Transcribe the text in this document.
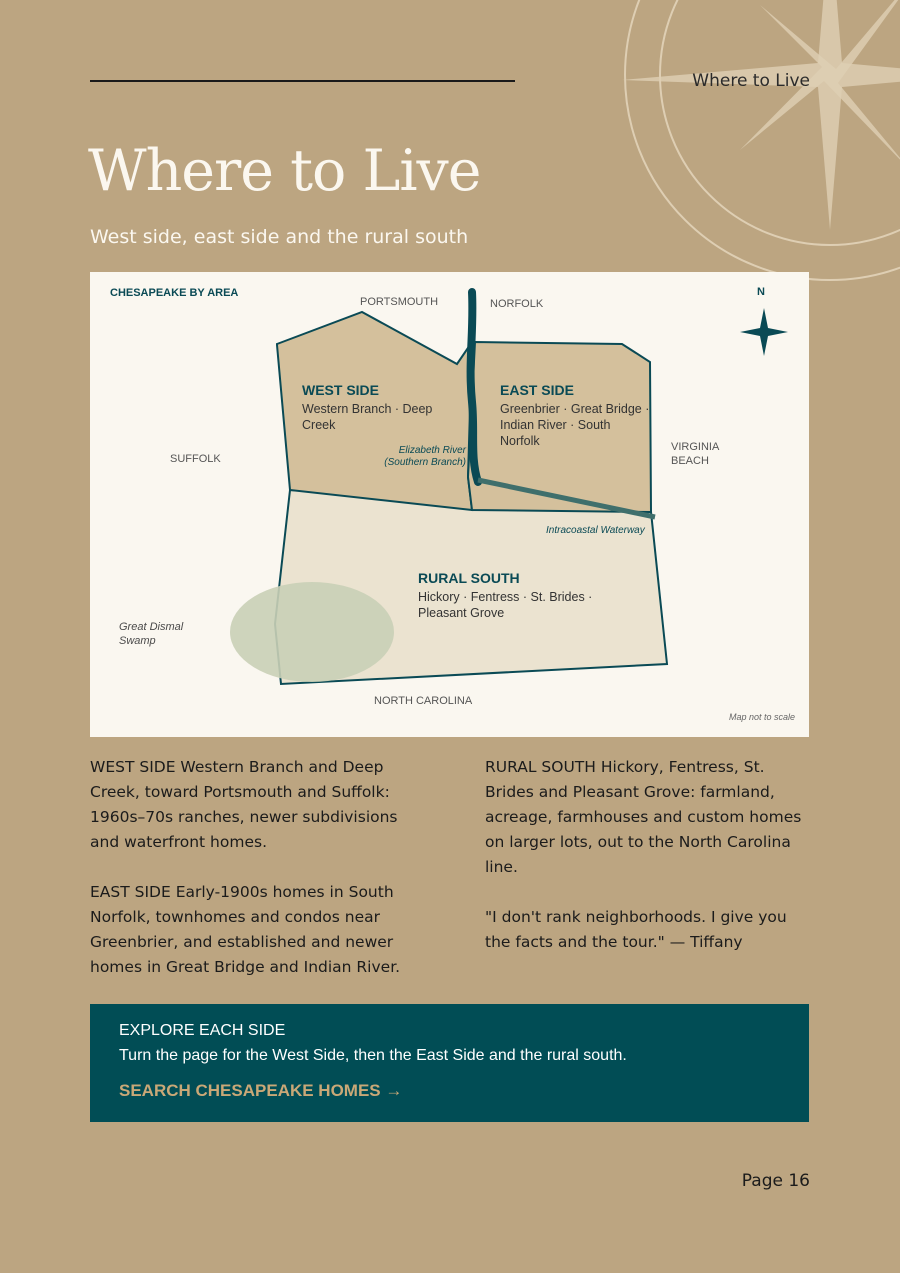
Where to Live
Where to Live
West side, east side and the rural south
CHESAPEAKE BY AREA	N
PORTSMOUTH	NORFOLK
SUFFOLK
VIRGINIA BEACH
NORTH CAROLINA
WEST SIDE
Western Branch · Deep Creek
EAST SIDE
Greenbrier · Great Bridge · Indian River · South Norfolk
RURAL SOUTH
Hickory · Fentress · St. Brides · Pleasant Grove
Elizabeth River
(Southern Branch)
Intracoastal Waterway
Great Dismal
Swamp
Map not to scale

WEST SIDE Western Branch and Deep Creek, toward Portsmouth and Suffolk: 1960s–70s ranches, newer subdivisions and waterfront homes.

EAST SIDE Early-1900s homes in South Norfolk, townhomes and condos near Greenbrier, and established and newer homes in Great Bridge and Indian River.

RURAL SOUTH Hickory, Fentress, St. Brides and Pleasant Grove: farmland, acreage, farmhouses and custom homes on larger lots, out to the North Carolina line.

"I don't rank neighborhoods. I give you the facts and the tour." — Tiffany

EXPLORE EACH SIDE
Turn the page for the West Side, then the East Side and the rural south.
SEARCH CHESAPEAKE HOMES →
Page 16
